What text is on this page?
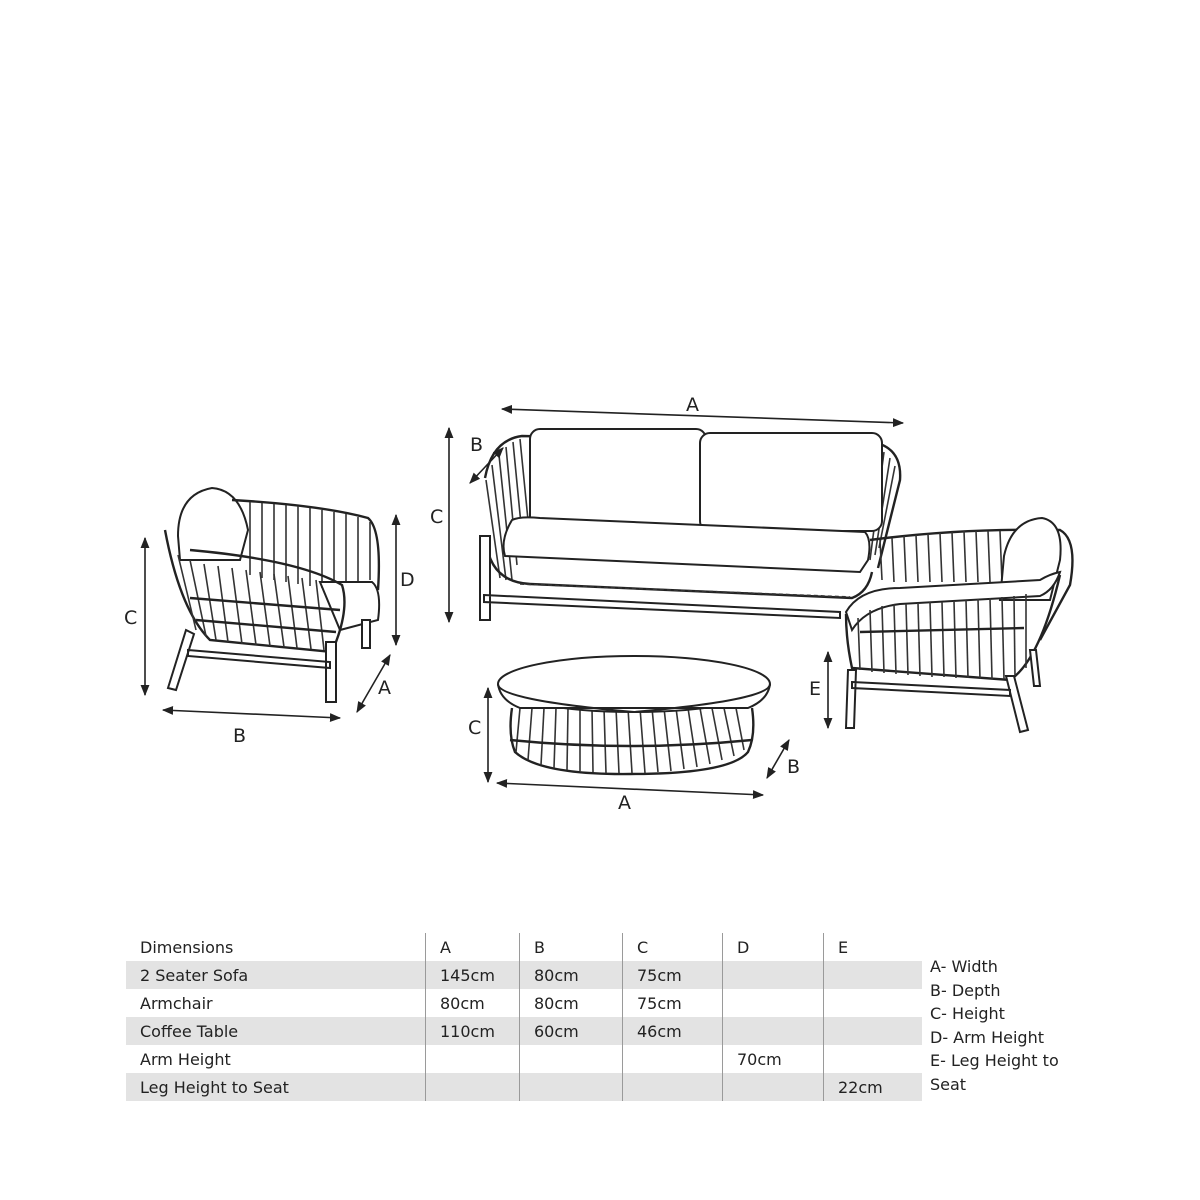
A
B
C
C
D
B
A
C
A
B
E
Dimensions	A	B	C	D	E
2 Seater Sofa	145cm	80cm	75cm		
Armchair	80cm	80cm	75cm		
Coffee Table	110cm	60cm	46cm		
Arm Height				70cm	
Leg Height to Seat					22cm
A- Width
B- Depth
C- Height
D- Arm Height
E- Leg Height to
Seat
